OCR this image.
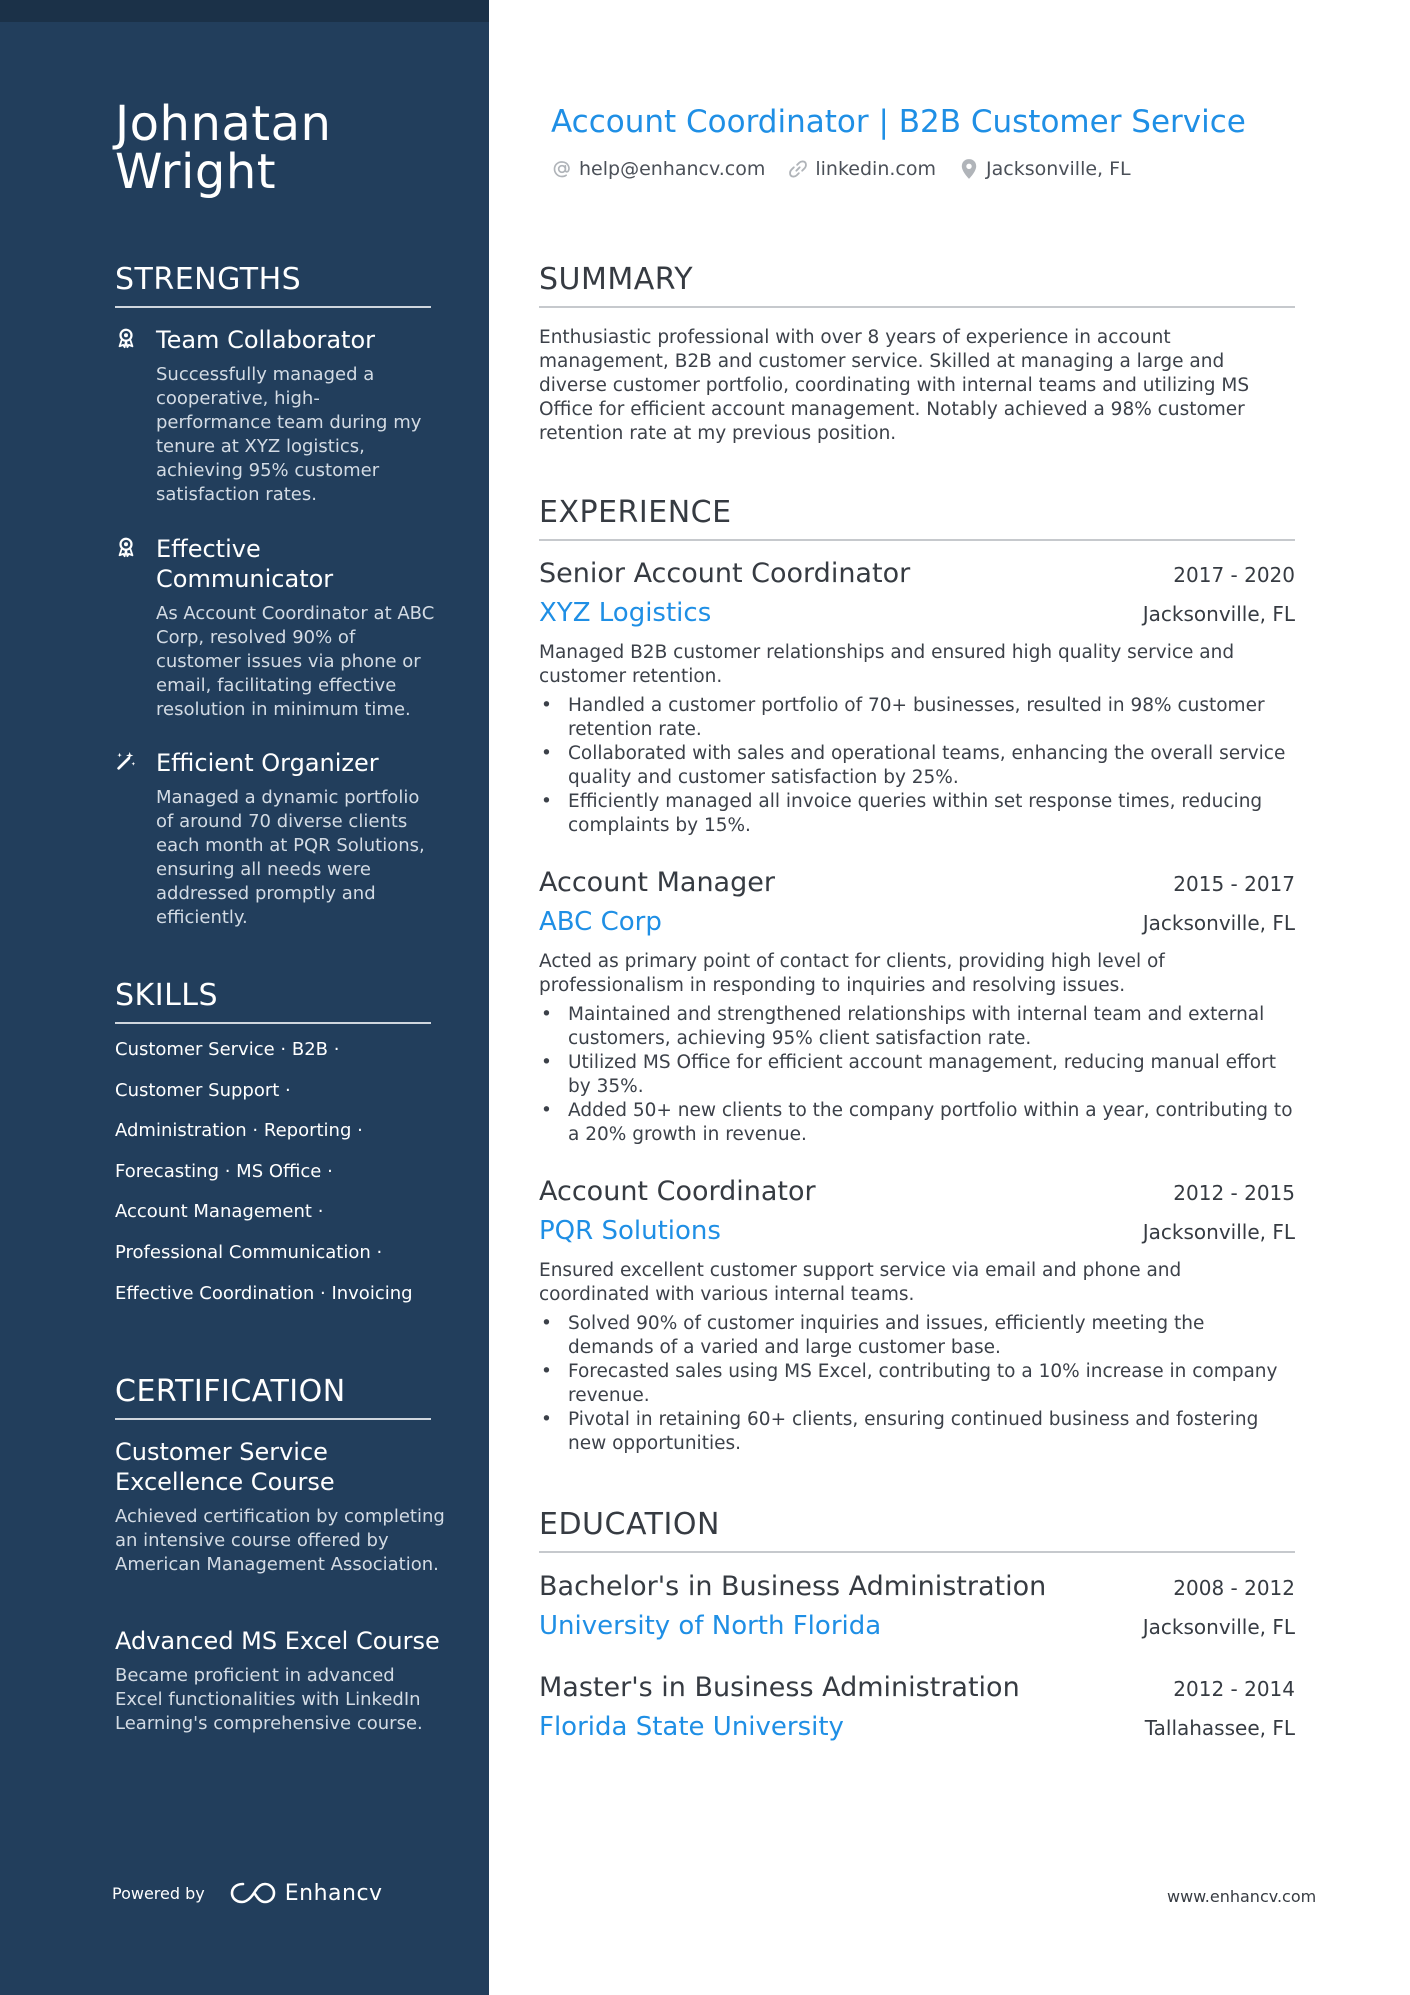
Johnatan Wright
STRENGTHS
Team Collaborator
Successfully managed a cooperative, high-performance team during my tenure at XYZ logistics, achieving 95% customer satisfaction rates.
Effective Communicator
As Account Coordinator at ABC Corp, resolved 90% of customer issues via phone or email, facilitating effective resolution in minimum time.
Efficient Organizer
Managed a dynamic portfolio of around 70 diverse clients each month at PQR Solutions, ensuring all needs were addressed promptly and efficiently.
SKILLS
Customer Service · B2B ·
Customer Support ·
Administration · Reporting ·
Forecasting · MS Office ·
Account Management ·
Professional Communication ·
Effective Coordination · Invoicing
CERTIFICATION
Customer Service Excellence Course
Achieved certification by completing an intensive course offered by American Management Association.
Advanced MS Excel Course
Became proficient in advanced Excel functionalities with LinkedIn Learning's comprehensive course.
Powered by	Enhancv
Account Coordinator | B2B Customer Service
help@enhancv.com	linkedin.com	Jacksonville, FL
SUMMARY
Enthusiastic professional with over 8 years of experience in account management, B2B and customer service. Skilled at managing a large and diverse customer portfolio, coordinating with internal teams and utilizing MS Office for efficient account management. Notably achieved a 98% customer retention rate at my previous position.
EXPERIENCE
Senior Account Coordinator	2017 - 2020
XYZ Logistics	Jacksonville, FL
Managed B2B customer relationships and ensured high quality service and customer retention.
• Handled a customer portfolio of 70+ businesses, resulted in 98% customer retention rate.
• Collaborated with sales and operational teams, enhancing the overall service quality and customer satisfaction by 25%.
• Efficiently managed all invoice queries within set response times, reducing complaints by 15%.
Account Manager	2015 - 2017
ABC Corp	Jacksonville, FL
Acted as primary point of contact for clients, providing high level of professionalism in responding to inquiries and resolving issues.
• Maintained and strengthened relationships with internal team and external customers, achieving 95% client satisfaction rate.
• Utilized MS Office for efficient account management, reducing manual effort by 35%.
• Added 50+ new clients to the company portfolio within a year, contributing to a 20% growth in revenue.
Account Coordinator	2012 - 2015
PQR Solutions	Jacksonville, FL
Ensured excellent customer support service via email and phone and coordinated with various internal teams.
• Solved 90% of customer inquiries and issues, efficiently meeting the demands of a varied and large customer base.
• Forecasted sales using MS Excel, contributing to a 10% increase in company revenue.
• Pivotal in retaining 60+ clients, ensuring continued business and fostering new opportunities.
EDUCATION
Bachelor's in Business Administration	2008 - 2012
University of North Florida	Jacksonville, FL
Master's in Business Administration	2012 - 2014
Florida State University	Tallahassee, FL
www.enhancv.com
